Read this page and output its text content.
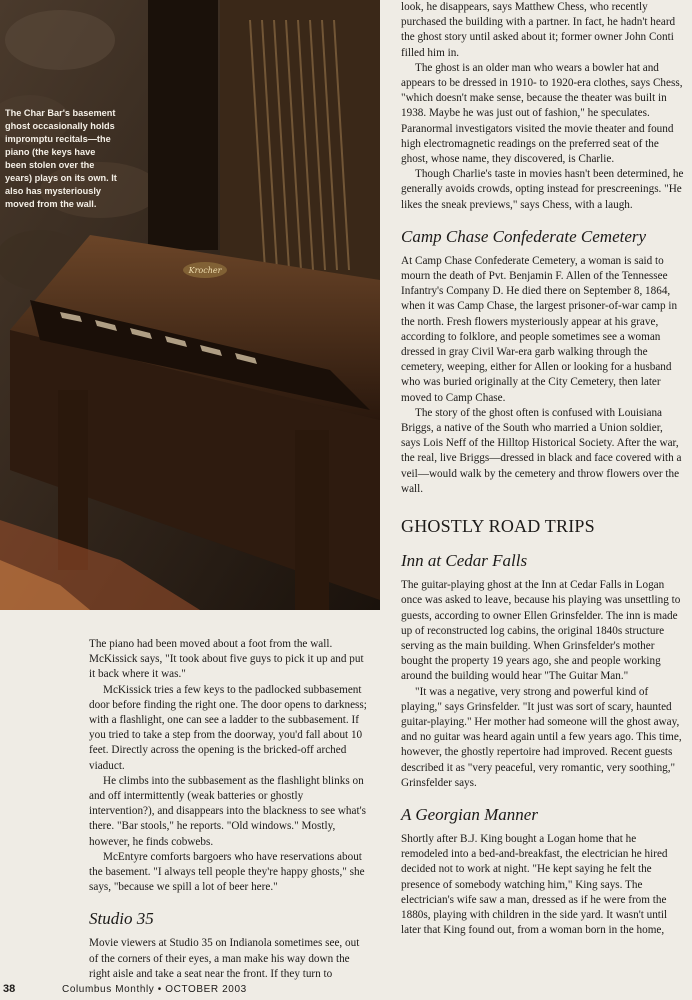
Krocher

The Char Bar's basement ghost occasionally holds impromptu recitals—the piano (the keys have been stolen over the years) plays on its own. It also has mysteriously moved from the wall.

The piano had been moved about a foot from the wall. McKissick says, "It took about five guys to pick it up and put it back where it was."

McKissick tries a few keys to the padlocked subbasement door before finding the right one. The door opens to darkness; with a flashlight, one can see a ladder to the subbasement. If you tried to take a step from the doorway, you'd fall about 10 feet. Directly across the opening is the bricked-off arched viaduct.

He climbs into the subbasement as the flashlight blinks on and off intermittently (weak batteries or ghostly intervention?), and disappears into the blackness to see what's there. "Bar stools," he reports. "Old windows." Mostly, however, he finds cobwebs.

McEntyre comforts bargoers who have reservations about the basement. "I always tell people they're happy ghosts," she says, "because we spill a lot of beer here."

Studio 35

Movie viewers at Studio 35 on Indianola sometimes see, out of the corners of their eyes, a man make his way down the right aisle and take a seat near the front. If they turn to

look, he disappears, says Matthew Chess, who recently purchased the building with a partner. In fact, he hadn't heard the ghost story until asked about it; former owner John Conti filled him in.

The ghost is an older man who wears a bowler hat and appears to be dressed in 1910- to 1920-era clothes, says Chess, "which doesn't make sense, because the theater was built in 1938. Maybe he was just out of fashion," he speculates. Paranormal investigators visited the movie theater and found high electromagnetic readings on the preferred seat of the ghost, whose name, they discovered, is Charlie.

Though Charlie's taste in movies hasn't been determined, he generally avoids crowds, opting instead for prescreenings. "He likes the sneak previews," says Chess, with a laugh.

Camp Chase Confederate Cemetery

At Camp Chase Confederate Cemetery, a woman is said to mourn the death of Pvt. Benjamin F. Allen of the Tennessee Infantry's Company D. He died there on September 8, 1864, when it was Camp Chase, the largest prisoner-of-war camp in the north. Fresh flowers mysteriously appear at his grave, according to folklore, and people sometimes see a woman dressed in gray Civil War-era garb walking through the cemetery, weeping, either for Allen or looking for a husband who was buried originally at the City Cemetery, then later moved to Camp Chase.

The story of the ghost often is confused with Louisiana Briggs, a native of the South who married a Union soldier, says Lois Neff of the Hilltop Historical Society. After the war, the real, live Briggs—dressed in black and face covered with a veil—would walk by the cemetery and throw flowers over the wall.

GHOSTLY ROAD TRIPS
Inn at Cedar Falls

The guitar-playing ghost at the Inn at Cedar Falls in Logan once was asked to leave, because his playing was unsettling to guests, according to owner Ellen Grinsfelder. The inn is made up of reconstructed log cabins, the original 1840s structure serving as the main building. When Grinsfelder's mother bought the property 19 years ago, she and people working around the building would hear "The Guitar Man."

"It was a negative, very strong and powerful kind of playing," says Grinsfelder. "It just was sort of scary, haunted guitar-playing." Her mother had someone will the ghost away, and no guitar was heard again until a few years ago. This time, however, the ghostly repertoire had improved. Recent guests described it as "very peaceful, very romantic, very soothing," Grinsfelder says.

A Georgian Manner

Shortly after B.J. King bought a Logan home that he remodeled into a bed-and-breakfast, the electrician he hired decided not to work at night. "He kept saying he felt the presence of somebody watching him," King says. The electrician's wife saw a man, dressed as if he were from the 1880s, playing with children in the side yard. It wasn't until later that King found out, from a woman born in the home,

38	Columbus Monthly • OCTOBER 2003
